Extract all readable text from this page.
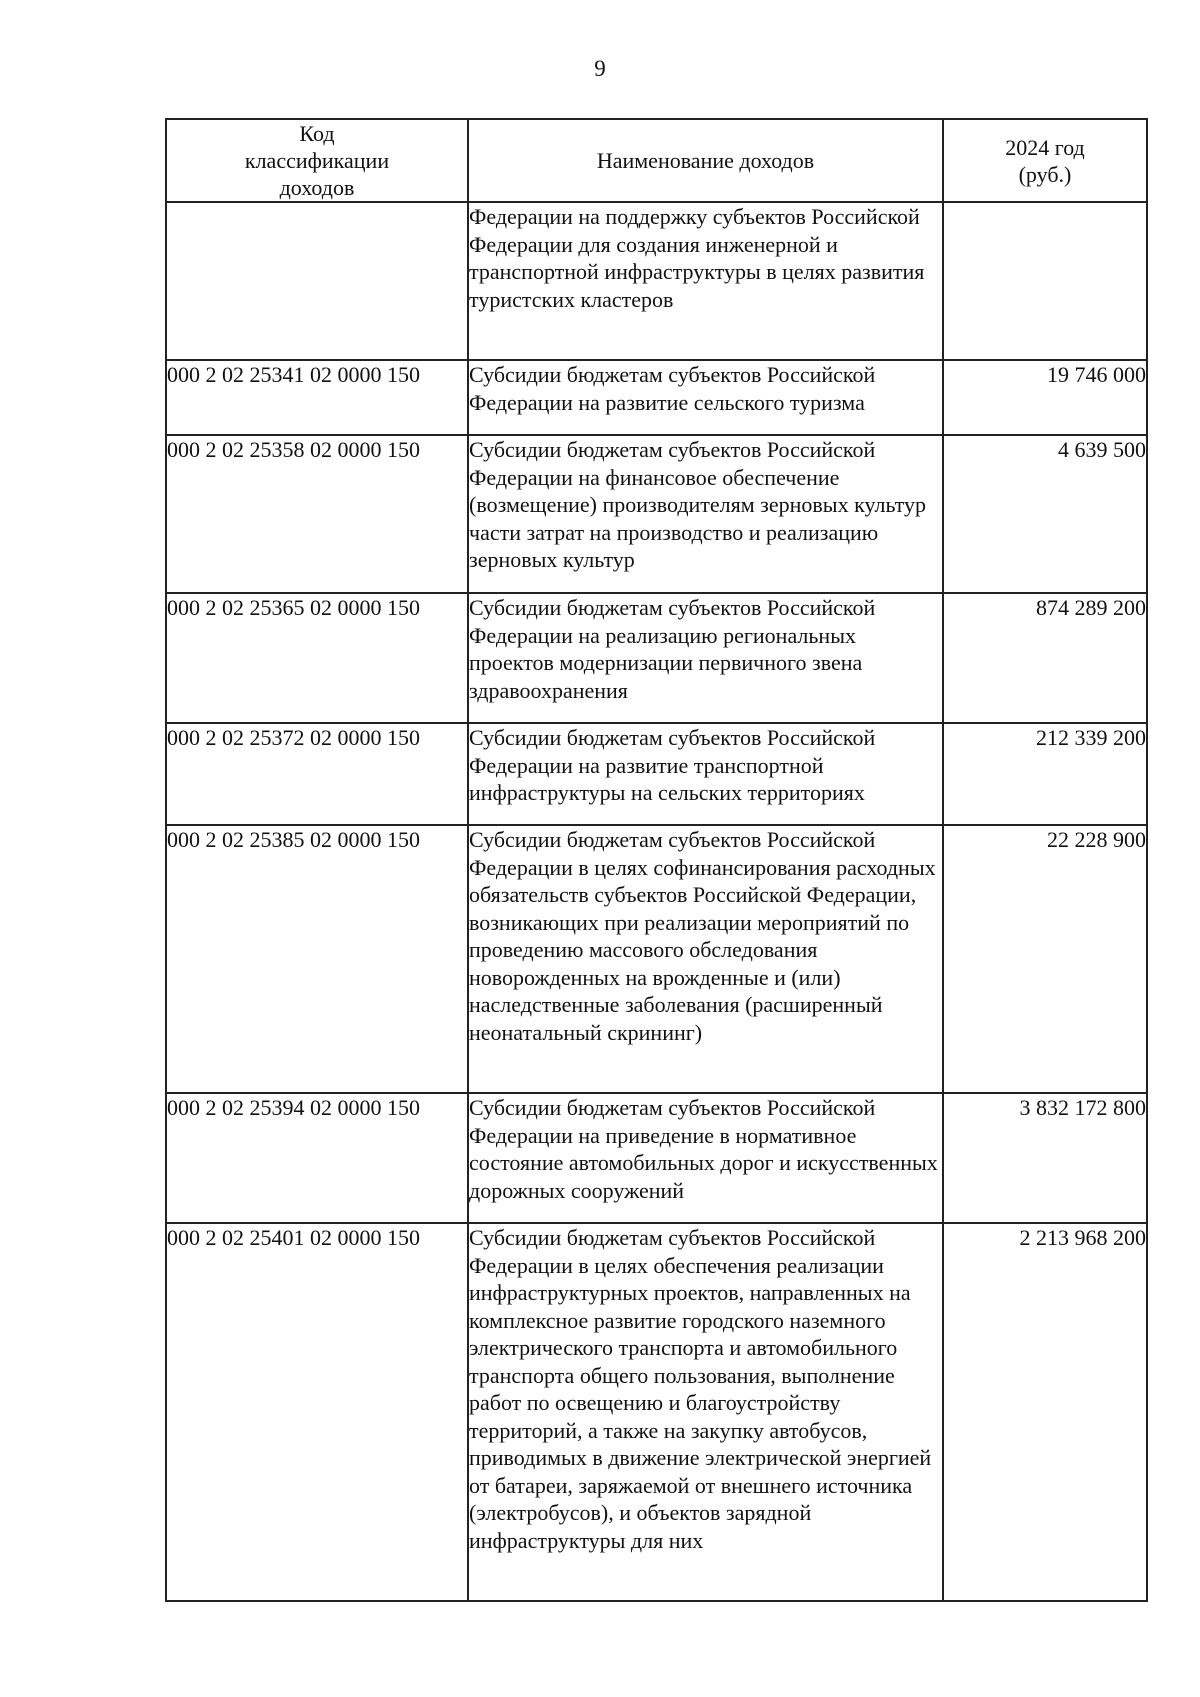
9
Код классификации доходов	Наименование доходов	2024 год (руб.)

	Федерации на поддержку субъектов Российской Федерации для создания инженерной и транспортной инфраструктуры в целях развития туристских кластеров	
000 2 02 25341 02 0000 150	Субсидии бюджетам субъектов Российской Федерации на развитие сельского туризма	19 746 000
000 2 02 25358 02 0000 150	Субсидии бюджетам субъектов Российской Федерации на финансовое обеспечение (возмещение) производителям зерновых культур части затрат на производство и реализацию зерновых культур	4 639 500
000 2 02 25365 02 0000 150	Субсидии бюджетам субъектов Российской Федерации на реализацию региональных проектов модернизации первичного звена здравоохранения	874 289 200
000 2 02 25372 02 0000 150	Субсидии бюджетам субъектов Российской Федерации на развитие транспортной инфраструктуры на сельских территориях	212 339 200
000 2 02 25385 02 0000 150	Субсидии бюджетам субъектов Российской Федерации в целях софинансирования расходных обязательств субъектов Российской Федерации, возникающих при реализации мероприятий по проведению массового обследования новорожденных на врожденные и (или) наследственные заболевания (расширенный неонатальный скрининг)	22 228 900
000 2 02 25394 02 0000 150	Субсидии бюджетам субъектов Российской Федерации на приведение в нормативное состояние автомобильных дорог и искусственных дорожных сооружений	3 832 172 800
000 2 02 25401 02 0000 150	Субсидии бюджетам субъектов Российской Федерации в целях обеспечения реализации инфраструктурных проектов, направленных на комплексное развитие городского наземного электрического транспорта и автомобильного транспорта общего пользования, выполнение работ по освещению и благоустройству территорий, а также на закупку автобусов, приводимых в движение электрической энергией от батареи, заряжаемой от внешнего источника (электробусов), и объектов зарядной инфраструктуры для них	2 213 968 200
